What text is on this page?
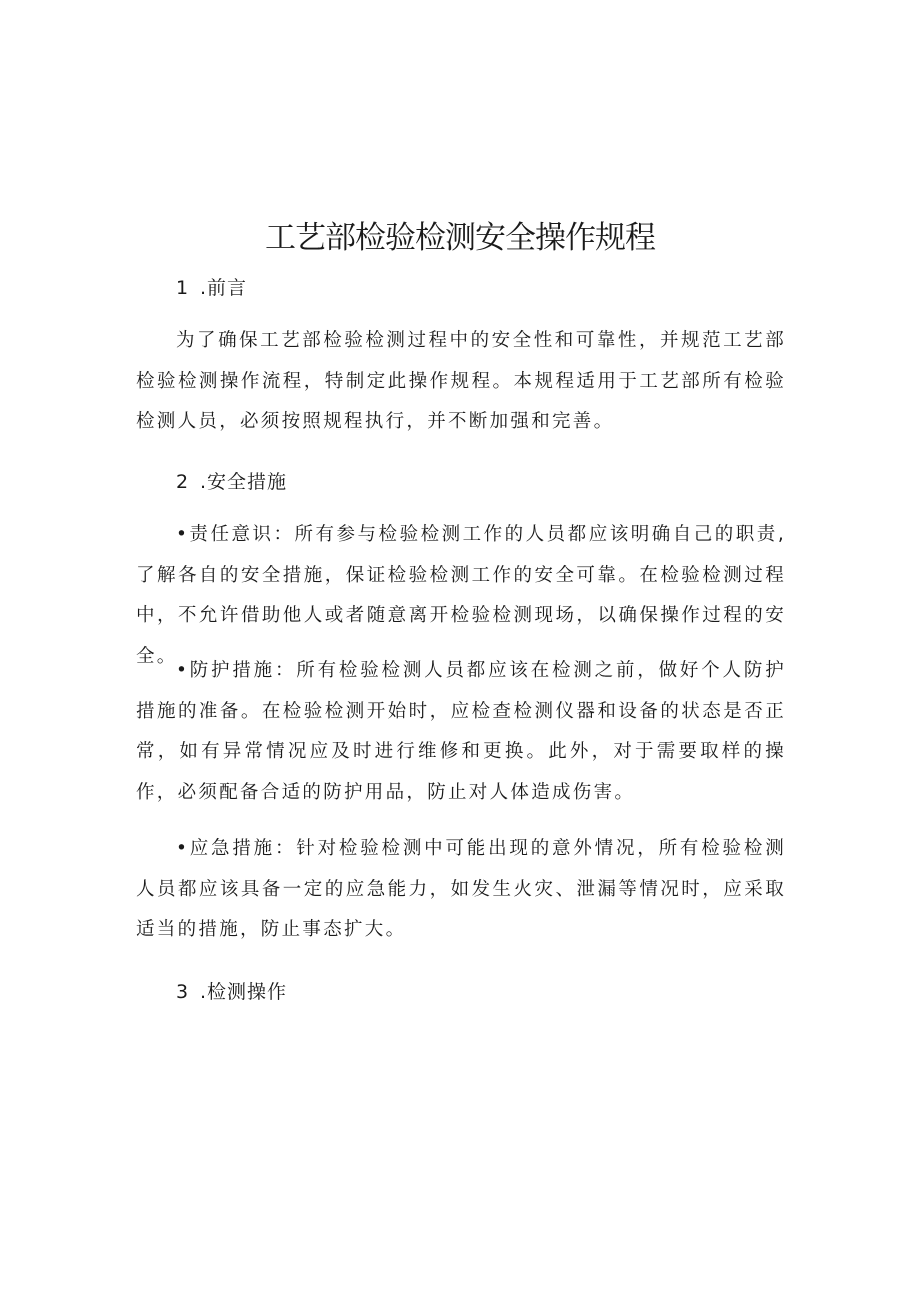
工艺部检验检测安全操作规程
1 .前言

为了确保工艺部检验检测过程中的安全性和可靠性，并规范工艺部检验检测操作流程，特制定此操作规程。本规程适用于工艺部所有检验检测人员，必须按照规程执行，并不断加强和完善。

2 .安全措施

•责任意识：所有参与检验检测工作的人员都应该明确自己的职责,了解各自的安全措施，保证检验检测工作的安全可靠。在检验检测过程中，不允许借助他人或者随意离开检验检测现场，以确保操作过程的安全。

•防护措施：所有检验检测人员都应该在检测之前，做好个人防护措施的准备。在检验检测开始时，应检查检测仪器和设备的状态是否正常，如有异常情况应及时进行维修和更换。此外，对于需要取样的操作，必须配备合适的防护用品，防止对人体造成伤害。

•应急措施：针对检验检测中可能出现的意外情况，所有检验检测人员都应该具备一定的应急能力，如发生火灾、泄漏等情况时，应采取适当的措施，防止事态扩大。

3 .检测操作
